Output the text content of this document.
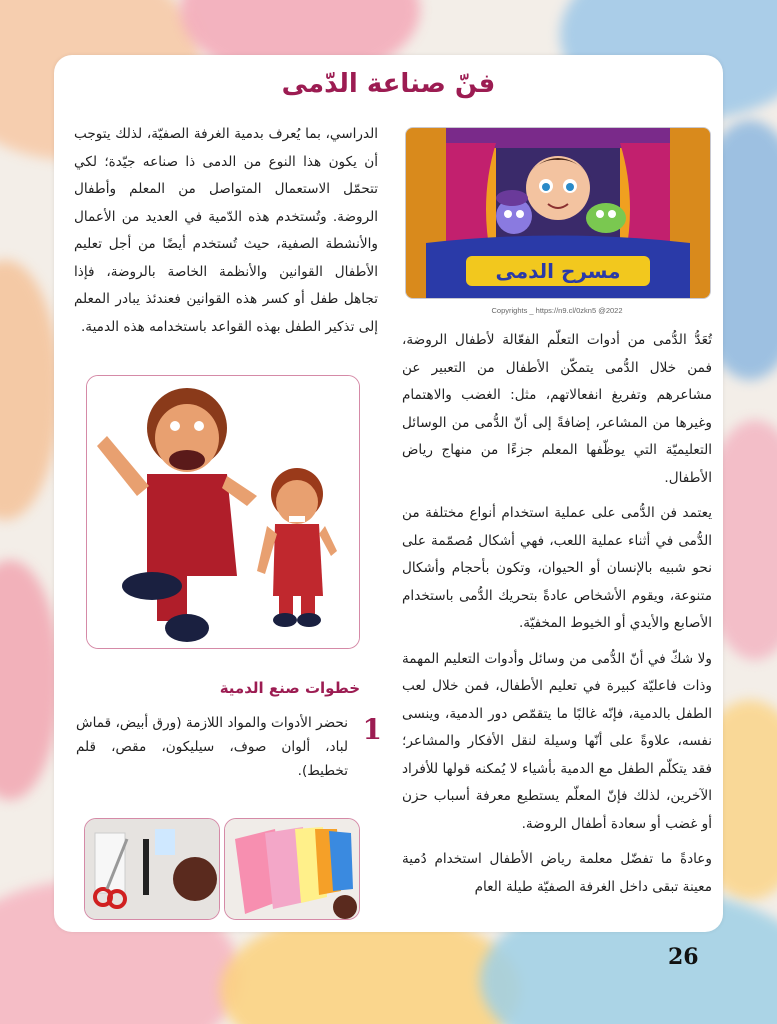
فنّ صناعة الدّمى
مسرح الدمى
Copyrights _ https://n9.cl/0zkn5 @2022

تُعَدُّ الدُّمى من أدوات التعلّم الفعّالة لأطفال الروضة، فمن خلال الدُّمى يتمكّن الأطفال من التعبير عن مشاعرهم وتفريغ انفعالاتهم، مثل: الغضب والاهتمام وغيرها من المشاعر، إضافةً إلى أنّ الدُّمى من الوسائل التعليميّة التي يوظّفها المعلم جزءًا من منهاج رياض الأطفال.

يعتمد فن الدُّمى على عملية استخدام أنواع مختلفة من الدُّمى في أثناء عملية اللعب، فهي أشكال مُصمّمة على نحو شبيه بالإنسان أو الحيوان، وتكون بأحجام وأشكال متنوعة، ويقوم الأشخاص عادةً بتحريك الدُّمى باستخدام الأصابع والأيدي أو الخيوط المخفيّة.

ولا شكّ في أنّ الدُّمى من وسائل وأدوات التعليم المهمة وذات فاعليّة كبيرة في تعليم الأطفال، فمن خلال لعب الطفل بالدمية، فإنّه غالبًا ما يتقمّص دور الدمية، وينسى نفسه، علاوةً على أنّها وسيلة لنقل الأفكار والمشاعر؛ فقد يتكلّم الطفل مع الدمية بأشياء لا يُمكنه قولها للأفراد الآخرين، لذلك فإنّ المعلّم يستطيع معرفة أسباب حزن أو غضب أو سعادة أطفال الروضة.

وعادةً ما تفضّل معلمة رياض الأطفال استخدام دُمية معينة تبقى داخل الغرفة الصفيّة طيلة العام

الدراسي، بما يُعرف بدمية الغرفة الصفيّة، لذلك يتوجب أن يكون هذا النوع من الدمى ذا صناعه جيّدة؛ لكي تتحمّل الاستعمال المتواصل من المعلم وأطفال الروضة. وتُستخدم هذه الدّمية في العديد من الأعمال والأنشطة الصفية، حيث تُستخدم أيضًا من أجل تعليم الأطفال القوانين والأنظمة الخاصة بالروضة، فإذا تجاهل طفل أو كسر هذه القوانين فعندئذ يبادر المعلم إلى تذكير الطفل بهذه القواعد باستخدامه هذه الدمية.

خطوات صنع الدمية
1
نحضر الأدوات والمواد اللازمة (ورق أبيض، قماش لباد، ألوان صوف، سيليكون، مقص، قلم تخطيط).
26
